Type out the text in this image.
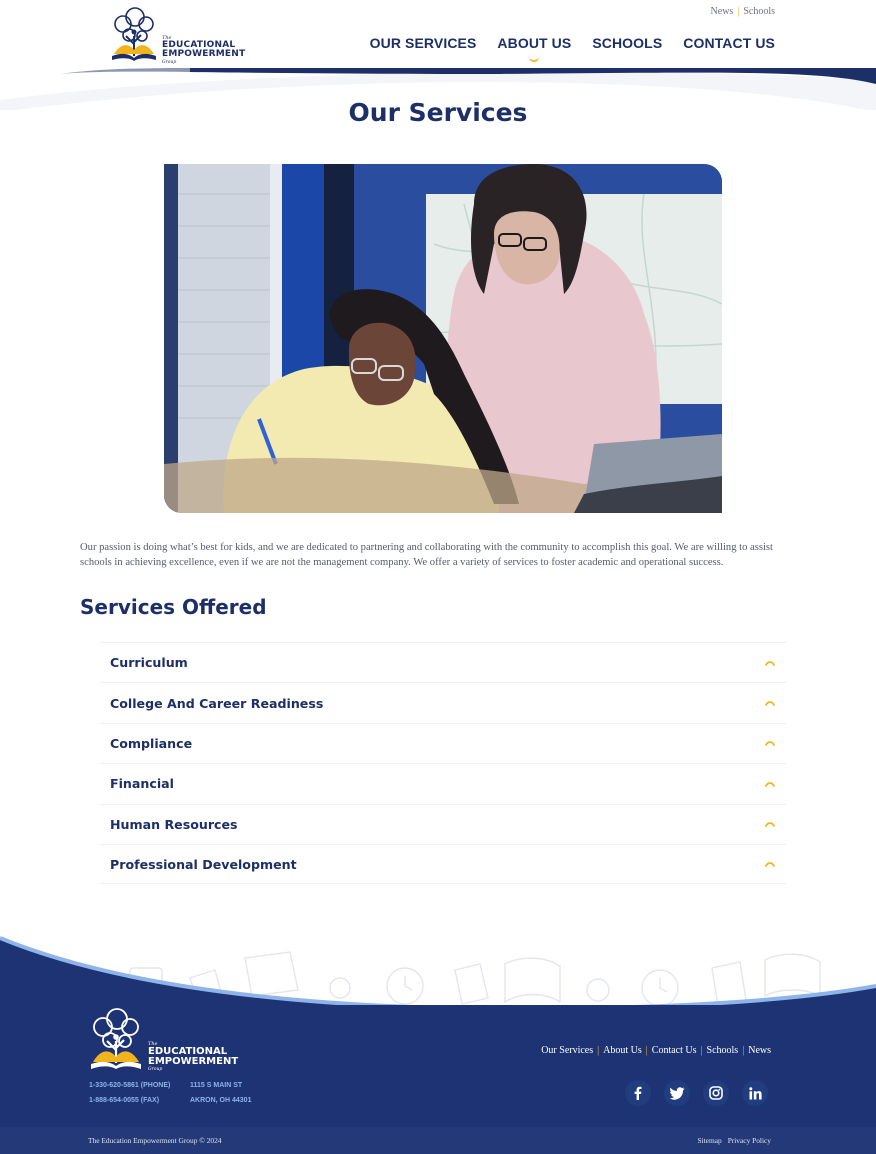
The
EDUCATIONAL
EMPOWERMENT
Group
News | Schools
OUR SERVICES ABOUT US SCHOOLS CONTACT US
Our Services

Our passion is doing what’s best for kids, and we are dedicated to partnering and collaborating with the community to accomplish this goal. We are willing to assist schools in achieving excellence, even if we are not the management company. We offer a variety of services to foster academic and operational success.

Services Offered
Curriculum
College And Career Readiness
Compliance
Financial
Human Resources
Professional Development
The
EDUCATIONAL
EMPOWERMENT
Group
1-330-620-5861 (PHONE)	1115 S MAIN ST
1-888-654-0055 (FAX)	AKRON, OH 44301
Our Services | About Us | Contact Us | Schools | News
The Education Empowerment Group © 2024	Sitemap Privacy Policy
